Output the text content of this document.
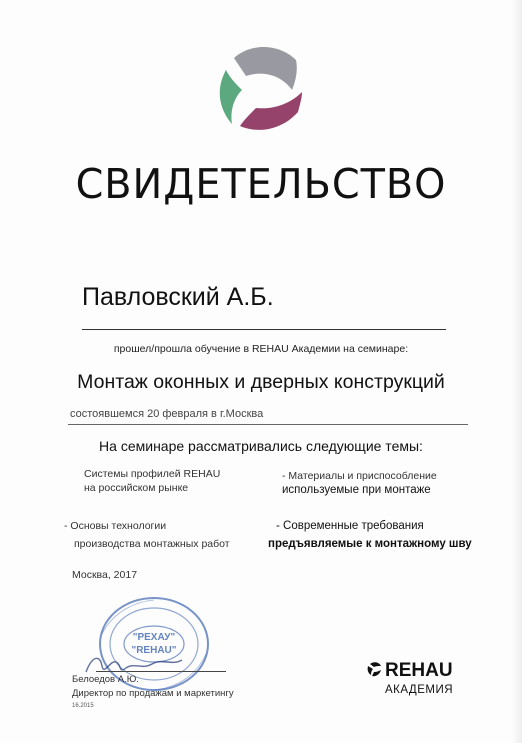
СВИДЕТЕЛЬСТВО
Павловский А.Б.
прошел/прошла обучение в REHAU Академии на семинаре:
Монтаж оконных и дверных конструкций
состоявшемся 20 февраля в г.Москва
На семинаре рассматривались следующие темы:
Системы профилей REHAU
на российском рынке
- Материалы и приспособление
используемые при монтаже
- Основы технологии
производства монтажных работ
- Современные требования
предъявляемые к монтажному шву
Москва, 2017
"РЕХАУ"
"REHAU"
Белоедов А.Ю.
Директор по продажам и маркетингу
16.2015
REHAU
АКАДЕМИЯ
